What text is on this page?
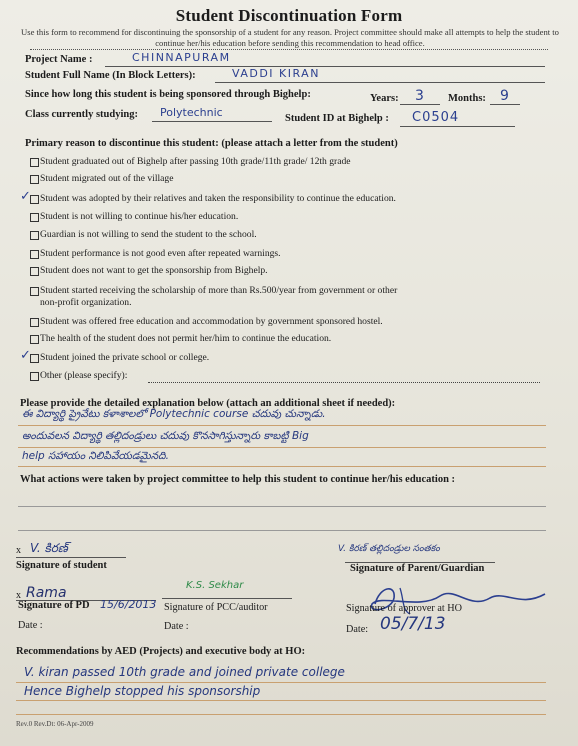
Student Discontinuation Form
Use this form to recommend for discontinuing the sponsorship of a student for any reason. Project committee should make all attempts to help the student to continue her/his education before sending this recommendation to head office.
Project Name :	CHINNAPURAM
Student Full Name (In Block Letters):	VADDI KIRAN
Since how long this student is being sponsored through Bighelp:	Years: 3 Months: 9
Class currently studying: Polytechnic	Student ID at Bighelp : C0504
Primary reason to discontinue this student: (please attach a letter from the student)
Student graduated out of Bighelp after passing 10th grade/11th grade/ 12th grade
Student migrated out of the village
✓ Student was adopted by their relatives and taken the responsibility to continue the education.
Student is not willing to continue his/her education.
Guardian is not willing to send the student to the school.
Student performance is not good even after repeated warnings.
Student does not want to get the sponsorship from Bighelp.
Student started receiving the scholarship of more than Rs.500/year from government or other
non-profit organization.
Student was offered free education and accommodation by government sponsored hostel.
The health of the student does not permit her/him to continue the education.
✓ Student joined the private school or college.
Other (please specify):
Please provide the detailed explanation below (attach an additional sheet if needed):
ఈ విద్యార్థి ప్రైవేటు కళాశాలలో Polytechnic course చదువు చున్నాడు.
అందువలన విద్యార్థి తల్లిదండ్రులు చదువు కొనసాగిస్తున్నారు కాబట్టి Big
help సహాయం నిలిపివేయడమైనది.
What actions were taken by project committee to help this student to continue her/his education :
x V. కిరణ్
Signature of student
V. కిరణ్ తల్లిదండ్రుల సంతకం
Signature of Parent/Guardian
x Rama
Signature of PD 15/6/2013
Date :
K.S. Sekhar
Signature of PCC/auditor
Date :
Signature of approver at HO
Date: 05/7/13
Recommendations by AED (Projects) and executive body at HO:
V. kiran passed 10th grade and joined private college
Hence Bighelp stopped his sponsorship
Rev.0 Rev.Dt: 06-Apr-2009
